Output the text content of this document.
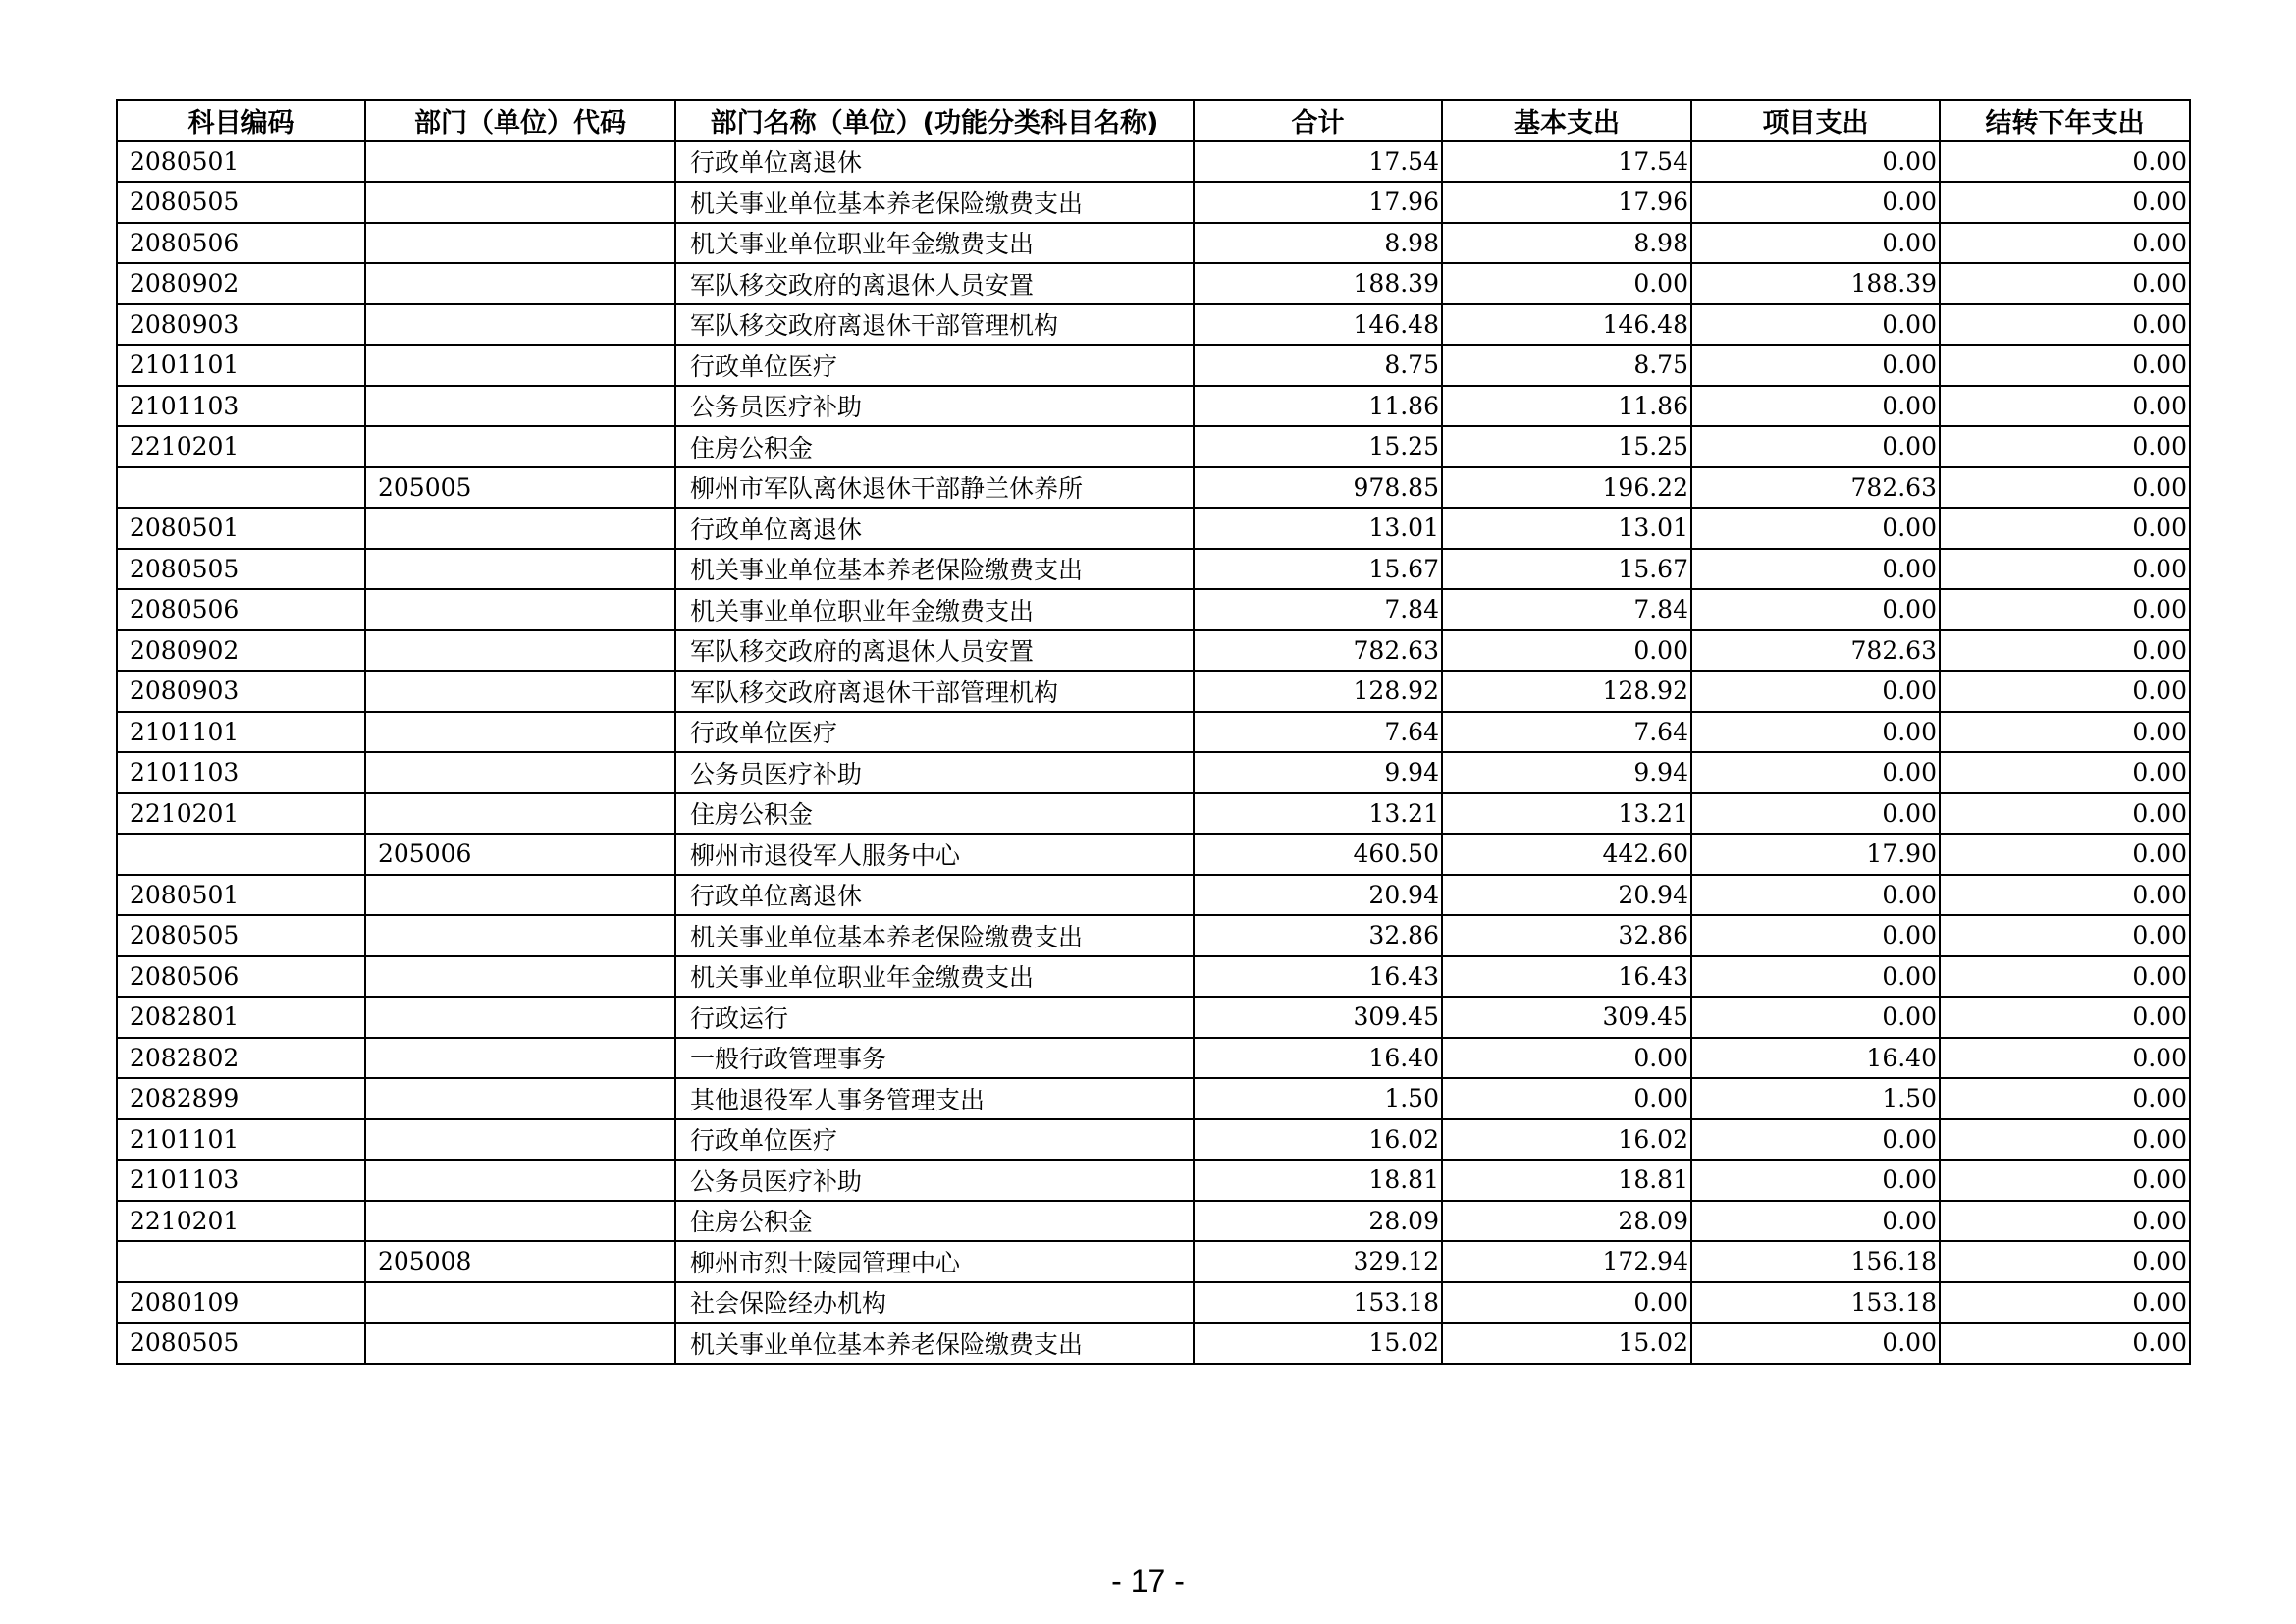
科目编码	部门（单位）代码	部门名称（单位）(功能分类科目名称)	合计	基本支出	项目支出	结转下年支出
2080501		行政单位离退休	17.54	17.54	0.00	0.00
2080505		机关事业单位基本养老保险缴费支出	17.96	17.96	0.00	0.00
2080506		机关事业单位职业年金缴费支出	8.98	8.98	0.00	0.00
2080902		军队移交政府的离退休人员安置	188.39	0.00	188.39	0.00
2080903		军队移交政府离退休干部管理机构	146.48	146.48	0.00	0.00
2101101		行政单位医疗	8.75	8.75	0.00	0.00
2101103		公务员医疗补助	11.86	11.86	0.00	0.00
2210201		住房公积金	15.25	15.25	0.00	0.00
	205005	柳州市军队离休退休干部静兰休养所	978.85	196.22	782.63	0.00
2080501		行政单位离退休	13.01	13.01	0.00	0.00
2080505		机关事业单位基本养老保险缴费支出	15.67	15.67	0.00	0.00
2080506		机关事业单位职业年金缴费支出	7.84	7.84	0.00	0.00
2080902		军队移交政府的离退休人员安置	782.63	0.00	782.63	0.00
2080903		军队移交政府离退休干部管理机构	128.92	128.92	0.00	0.00
2101101		行政单位医疗	7.64	7.64	0.00	0.00
2101103		公务员医疗补助	9.94	9.94	0.00	0.00
2210201		住房公积金	13.21	13.21	0.00	0.00
	205006	柳州市退役军人服务中心	460.50	442.60	17.90	0.00
2080501		行政单位离退休	20.94	20.94	0.00	0.00
2080505		机关事业单位基本养老保险缴费支出	32.86	32.86	0.00	0.00
2080506		机关事业单位职业年金缴费支出	16.43	16.43	0.00	0.00
2082801		行政运行	309.45	309.45	0.00	0.00
2082802		一般行政管理事务	16.40	0.00	16.40	0.00
2082899		其他退役军人事务管理支出	1.50	0.00	1.50	0.00
2101101		行政单位医疗	16.02	16.02	0.00	0.00
2101103		公务员医疗补助	18.81	18.81	0.00	0.00
2210201		住房公积金	28.09	28.09	0.00	0.00
	205008	柳州市烈士陵园管理中心	329.12	172.94	156.18	0.00
2080109		社会保险经办机构	153.18	0.00	153.18	0.00
2080505		机关事业单位基本养老保险缴费支出	15.02	15.02	0.00	0.00
- 17 -
